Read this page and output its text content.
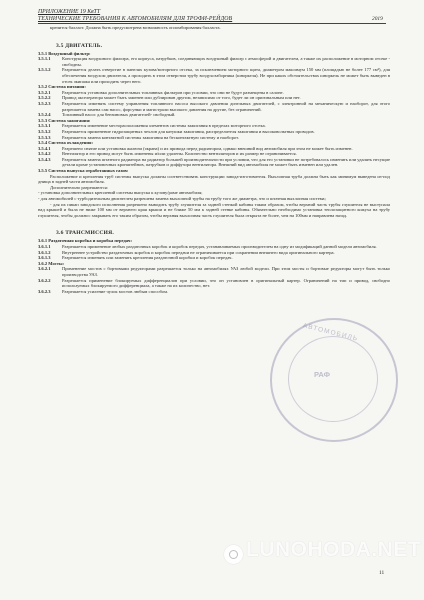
ПРИЛОЖЕНИЕ 19 КвТТ
ТЕХНИЧЕСКИЕ ТРЕБОВАНИЯ К АВТОМОБИЛЯМ ДЛЯ ТРОФИ-РЕЙДОВ	2019

крепится балласт. Должна быть предусмотрена возможность опломбирования балласта.

3.5 ДВИГАТЕЛЬ.
3.5.1 Воздушный фильтр:
3.5.1.1	Конструкция воздушного фильтра, его корпуса, патрубков, соединяющих воздушный фильтр с атмосферой и двигателем, а также их расположение в моторном отсеке - свободны.
3.5.1.2	Разрешается делать отверстие в панелях кузова/моторного отсека, за исключением моторного щита, диаметром максимум 150 мм (площадью не более 177 см²), для обеспечения воздухом двигателя, а проходить в этом отверстии трубу воздухозаборника (шноркеля). Не при каких обстоятельствах шноркель не может быть выведен в отсек экипажа или проходить через него.
3.5.2 Система питания:
3.5.2.1	Разрешается установка дополнительных топливных фильтров при условии, что они не будут размещены в салоне.
3.5.2.2	Привод акселератора может быть заменен или дублирован другим, независимо от того, будет ли он оригинальным или нет.
3.5.2.3	Разрешается изменять систему управления топливного насоса высокого давления дизельных двигателей, с электронной на механическую и наоборот, для этого разрешается замена сам насос, форсунки и магистрали высокого давления на другие, без ограничений.
3.5.2.4	Топливный насос для бензиновых двигателей- свободный.
3.5.3 Система зажигания:
3.5.3.1	Разрешается изменение месторасположения элементов системы зажигания в пределах моторного отсека.
3.5.3.2	Разрешается применение гидрозащитных чехлов для катушки зажигания, распределителя зажигания и высоковольтных проводов.
3.5.3.3	Разрешается замена контактной системы зажигания на бесконтактную систему и наоборот.
3.5.4 Система охлаждения:
3.5.4.1	Разрешено снятие или установка жалюзи (экрана) и их привода перед радиатором, однако внешний вид автомобиля при этом не может быть изменен.
3.5.4.2	Вентилятор и его привод могут быть изменены и/или удалены. Количество вентиляторов и их размер не ограничивается.
3.5.4.3	Разрешается замена штатного радиатора на радиатор большей производительности при условии, что для его установки не потребовалось изменять или удалять несущие детали кроме установочных кронштейнов, патрубков и диффузора вентилятора. Внешний вид автомобиля не может быть изменен или удален.
3.5.5 Система выпуска отработанных газов:

Расположение и крепления труб системы выпуска должны соответствовать конструкции завода-изготовителя. Выхлопная труба должна быть как минимум выведена из-под днища в задней части автомобиля.

Дополнительно разрешаются:

- установка дополнительных креплений системы выпуска к кузову/раме автомобиля;

- для автомобилей с турбодизельным двигателем разрешена замена выхлопной трубы на трубу того же диаметра, что и штатная выхлопная система;

- для их пикап заводского исполнения разрешено выводить трубу глушителя за задней стенкой кабины таким образом, чтобы верхний часть трубы глушителя не выступала над крышей и была не ниже 100 мм от верхнего края крыши и не ближе 50 мм к задней стенке кабины. Обязательно необходимо установка теплозащитного кожуха на трубу глушителя, чтобы должнос закрывать его таким образом, чтобы верхняя выхлопная часть глушителя была открыта не более, чем на 100мм и направлена назад.

3.6 ТРАНСМИССИЯ.
3.6.1 Раздаточная коробка и коробка передач:
3.6.1.1	Разрешается применение любых раздаточных коробок и коробок передач, устанавливаемых производителем на одну из модификаций данной модели автомобиля.
3.6.1.2	Внутреннее устройство раздаточных коробок и коробок передачи не ограничивается при сохранении внешнего вида оригинального картера.
3.6.1.3	Разрешается изменять или заменять крепления раздаточной коробки и коробок передач.
3.6.2 Мосты:
3.6.2.1	Применение мостов с бортовыми редукторами разрешается только на автомобилях УАЗ любой модели. При этом мосты и бортовые редукторы могут быть только производства УАЗ.
3.6.2.2	Разрешается применение блокируемых дифференциалов при условии, что он установлен в оригинальный картер. Ограничений на тип и привод, свободно используемых блокируемого дифференциала, а также на их количество, нет.
3.6.2.3	Разрешается усиление чулок мостов любым способом.
АВТОМОБИЛЬ
РАФ
LUNOHODA.NET
11
